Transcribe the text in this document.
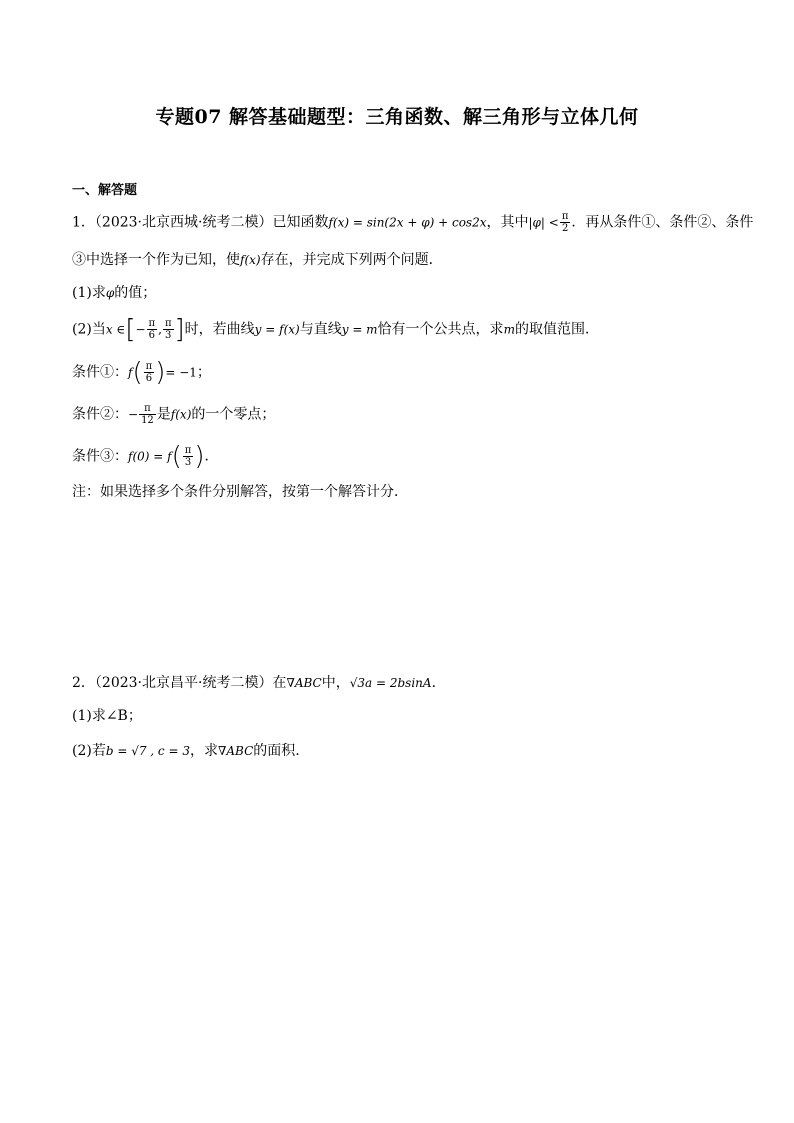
专题07 解答基础题型：三角函数、解三角形与立体几何
一、解答题
1．（2023·北京西城·统考二模）已知函数f(x) = sin(2x + φ) + cos2x，其中$|\varphi| < \frac{\pi}{2}$ ．再从条件①、条件②、条件
③中选择一个作为已知，使f(x)存在，并完成下列两个问题．
(1)求φ的值；
(2)当x ∈[− $\frac{\pi}{6}$ , $\frac{\pi}{3}$ ]时，若曲线y = f(x)与直线y = m恰有一个公共点，求m的取值范围．
条件①：$f( \frac{\pi}{6}$ )= −1；
条件②：− $\frac{\pi}{12}$ 是f(x)的一个零点；
条件③：$f(0) = f( \frac{\pi}{3}$ )．
注：如果选择多个条件分别解答，按第一个解答计分．
2．（2023·北京昌平·统考二模）在∇ABC中，√3a = 2bsinA．
(1)求∠B；
(2)若b = √7 , c = 3，求∇ABC的面积.
